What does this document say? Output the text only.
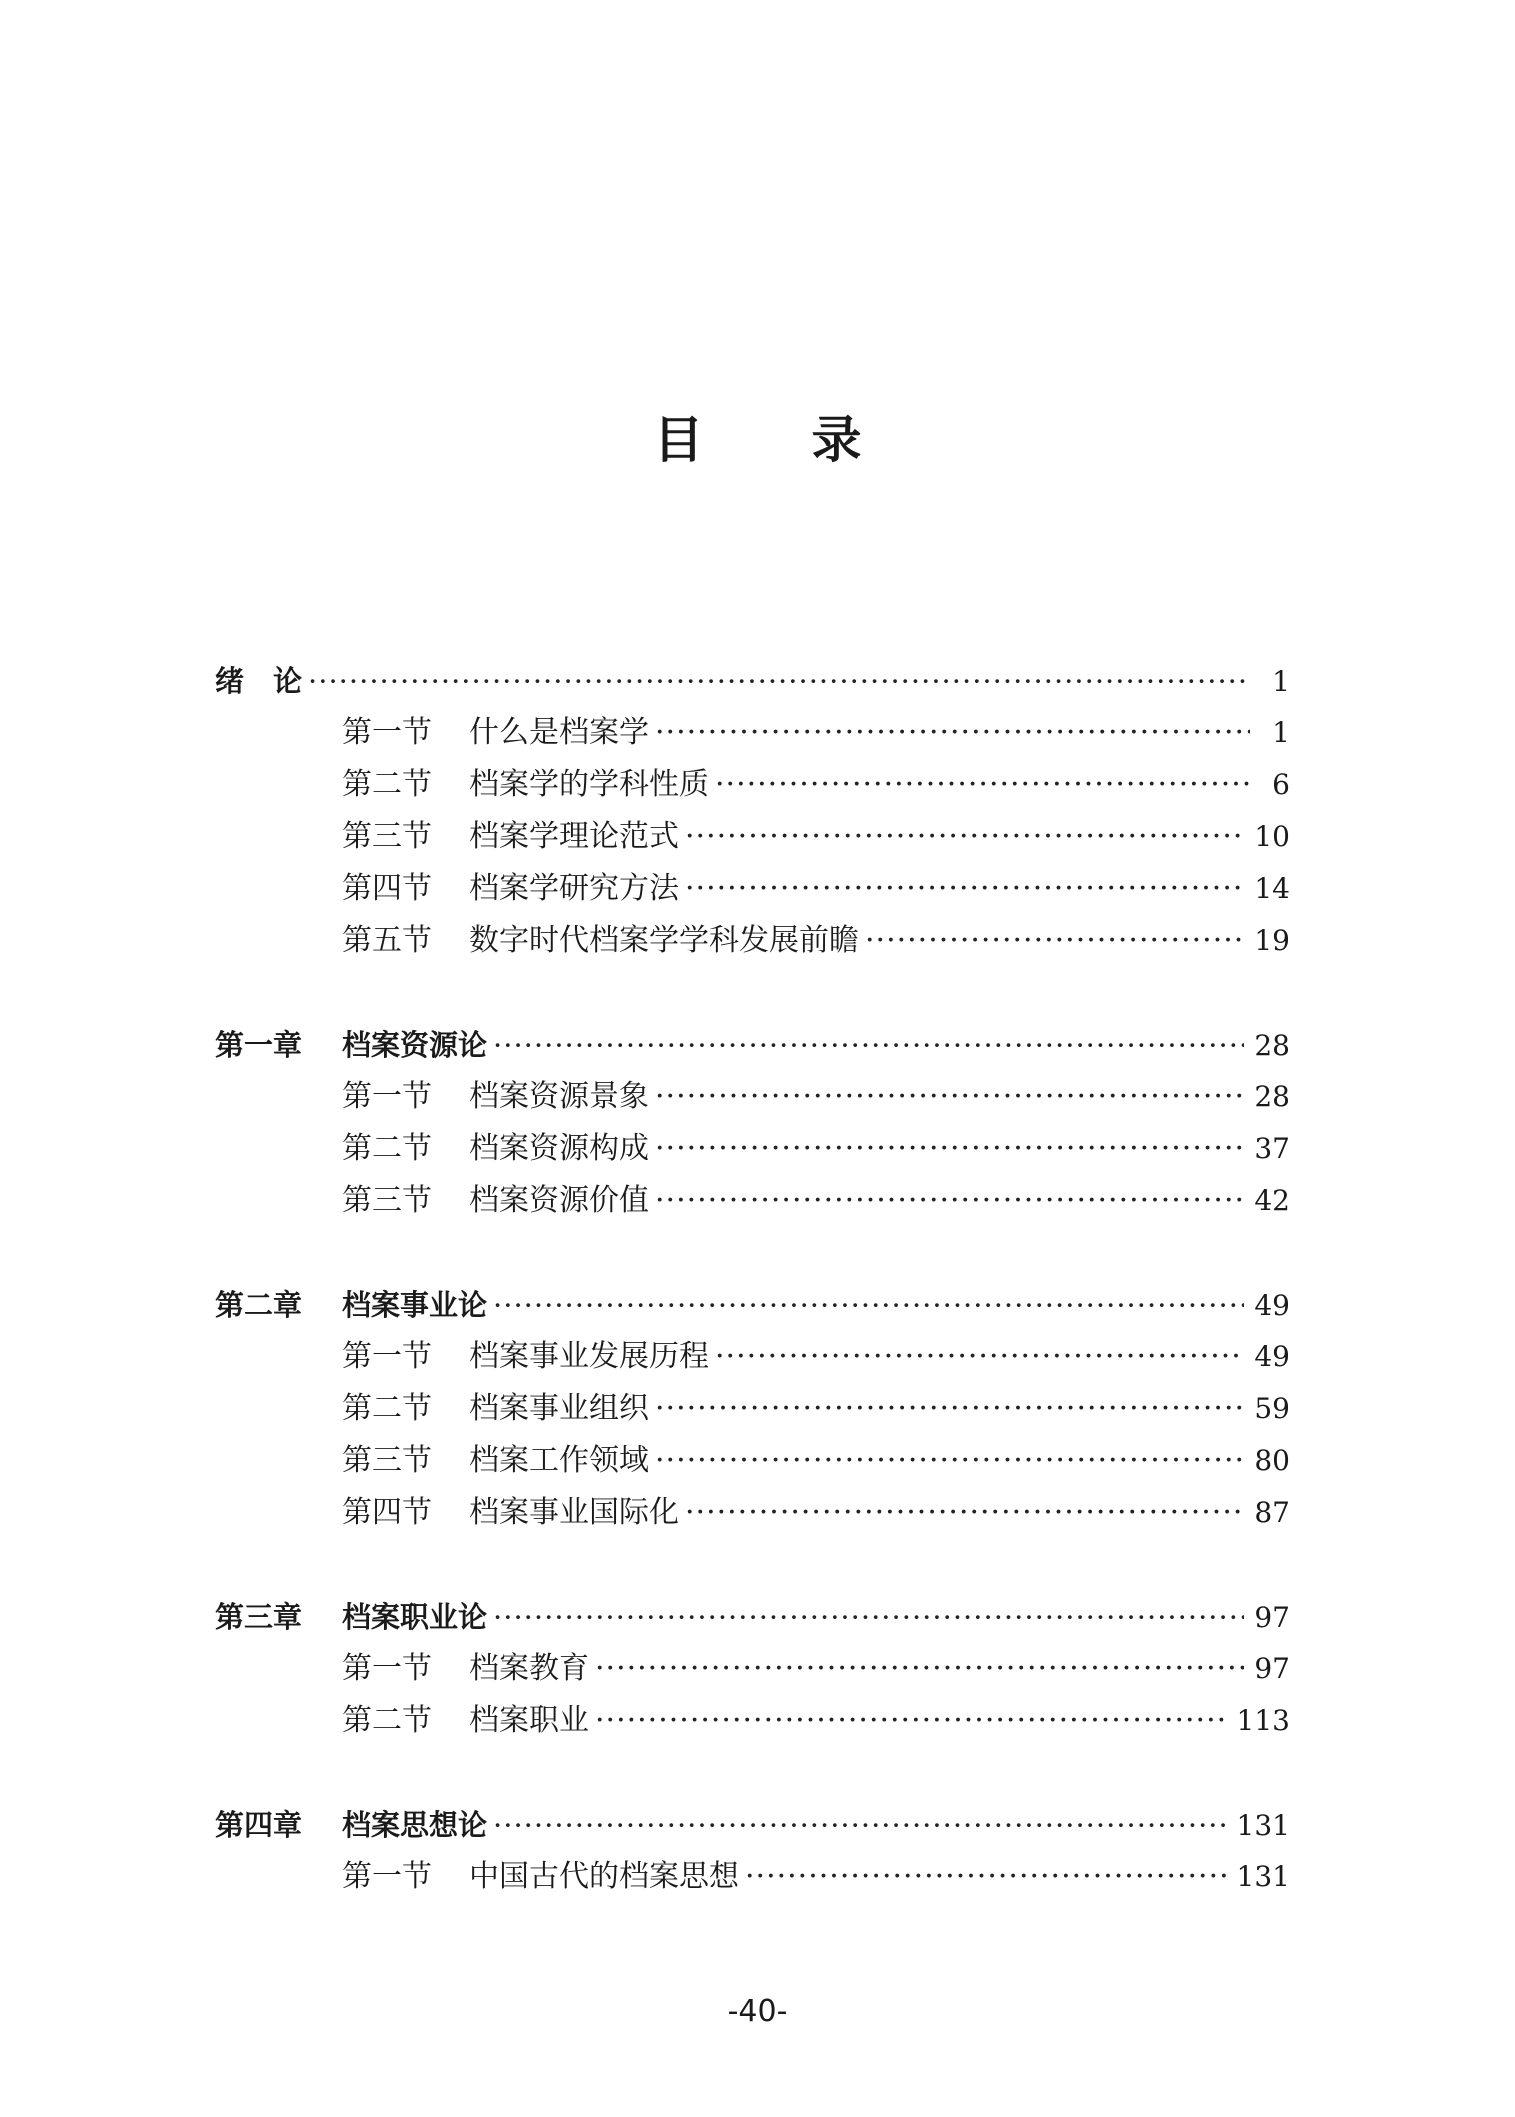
目录
绪　论 ·····	1
第一节	什么是档案学 ·····	1
第二节	档案学的学科性质 ·····	6
第三节	档案学理论范式 ·····	10
第四节	档案学研究方法 ·····	14
第五节	数字时代档案学学科发展前瞻 ·····	19
第一章	档案资源论 ·····	28
第一节	档案资源景象 ·····	28
第二节	档案资源构成 ·····	37
第三节	档案资源价值 ·····	42
第二章	档案事业论 ·····	49
第一节	档案事业发展历程 ·····	49
第二节	档案事业组织 ·····	59
第三节	档案工作领域 ·····	80
第四节	档案事业国际化 ·····	87
第三章	档案职业论 ·····	97
第一节	档案教育 ·····	97
第二节	档案职业 ·····	113
第四章	档案思想论 ·····	131
第一节	中国古代的档案思想 ·····	131
-40-
